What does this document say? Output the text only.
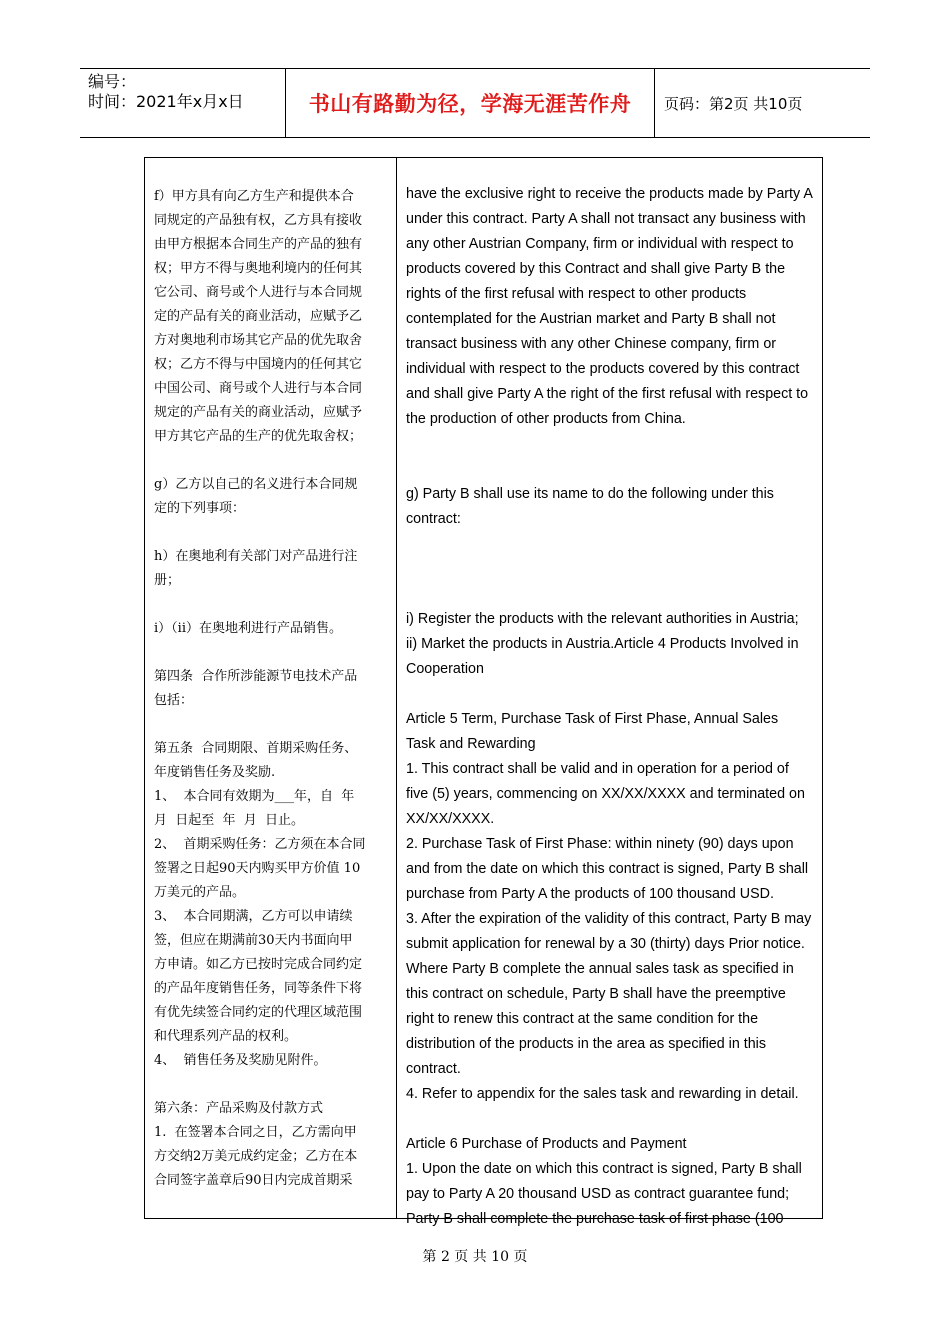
编号：
时间：2021年x月x日	书山有路勤为径，学海无涯苦作舟 页码：第2页 共10页
f）甲方具有向乙方生产和提供本合
同规定的产品独有权，乙方具有接收
由甲方根据本合同生产的产品的独有
权；甲方不得与奥地利境内的任何其
它公司、商号或个人进行与本合同规
定的产品有关的商业活动，应赋予乙
方对奥地利市场其它产品的优先取舍
权；乙方不得与中国境内的任何其它
中国公司、商号或个人进行与本合同
规定的产品有关的商业活动，应赋予
甲方其它产品的生产的优先取舍权；

g）乙方以自己的名义进行本合同规
定的下列事项：

h）在奥地利有关部门对产品进行注
册；

i）（ii）在奥地利进行产品销售。

第四条  合作所涉能源节电技术产品
包括：

第五条  合同期限、首期采购任务、
年度销售任务及奖励.
1、  本合同有效期为___年，自  年
月  日起至  年  月  日止。
2、  首期采购任务：乙方须在本合同
签署之日起90天内购买甲方价值 10
万美元的产品。
3、  本合同期满，乙方可以申请续
签，但应在期满前30天内书面向甲
方申请。如乙方已按时完成合同约定
的产品年度销售任务，同等条件下将
有优先续签合同约定的代理区域范围
和代理系列产品的权利。
4、  销售任务及奖励见附件。

第六条：产品采购及付款方式
1.  在签署本合同之日，乙方需向甲
方交纳2万美元成约定金；乙方在本
合同签字盖章后90日内完成首期采
have the exclusive right to receive the products made by Party A
under this contract. Party A shall not transact any business with
any other Austrian Company, firm or individual with respect to
products covered by this Contract and shall give Party B the
rights of the first refusal with respect to other products
contemplated for the Austrian market and Party B shall not
transact business with any other Chinese company, firm or
individual with respect to the products covered by this contract
and shall give Party A the right of the first refusal with respect to
the production of other products from China.

g) Party B shall use its name to do the following under this
contract:

i) Register the products with the relevant authorities in Austria;
ii) Market the products in Austria.Article 4 Products Involved in
Cooperation

Article 5 Term, Purchase Task of First Phase, Annual Sales
Task and Rewarding
1. This contract shall be valid and in operation for a period of
five (5) years, commencing on XX/XX/XXXX and terminated on
XX/XX/XXXX.
2. Purchase Task of First Phase: within ninety (90) days upon
and from the date on which this contract is signed, Party B shall
purchase from Party A the products of 100 thousand USD.
3. After the expiration of the validity of this contract, Party B may
submit application for renewal by a 30 (thirty) days Prior notice.
Where Party B complete the annual sales task as specified in
this contract on schedule, Party B shall have the preemptive
right to renew this contract at the same condition for the
distribution of the products in the area as specified in this
contract.
4. Refer to appendix for the sales task and rewarding in detail.

Article 6 Purchase of Products and Payment
1. Upon the date on which this contract is signed, Party B shall
pay to Party A 20 thousand USD as contract guarantee fund;
Party B shall complete the purchase task of first phase (100
第 2 页 共 10 页
